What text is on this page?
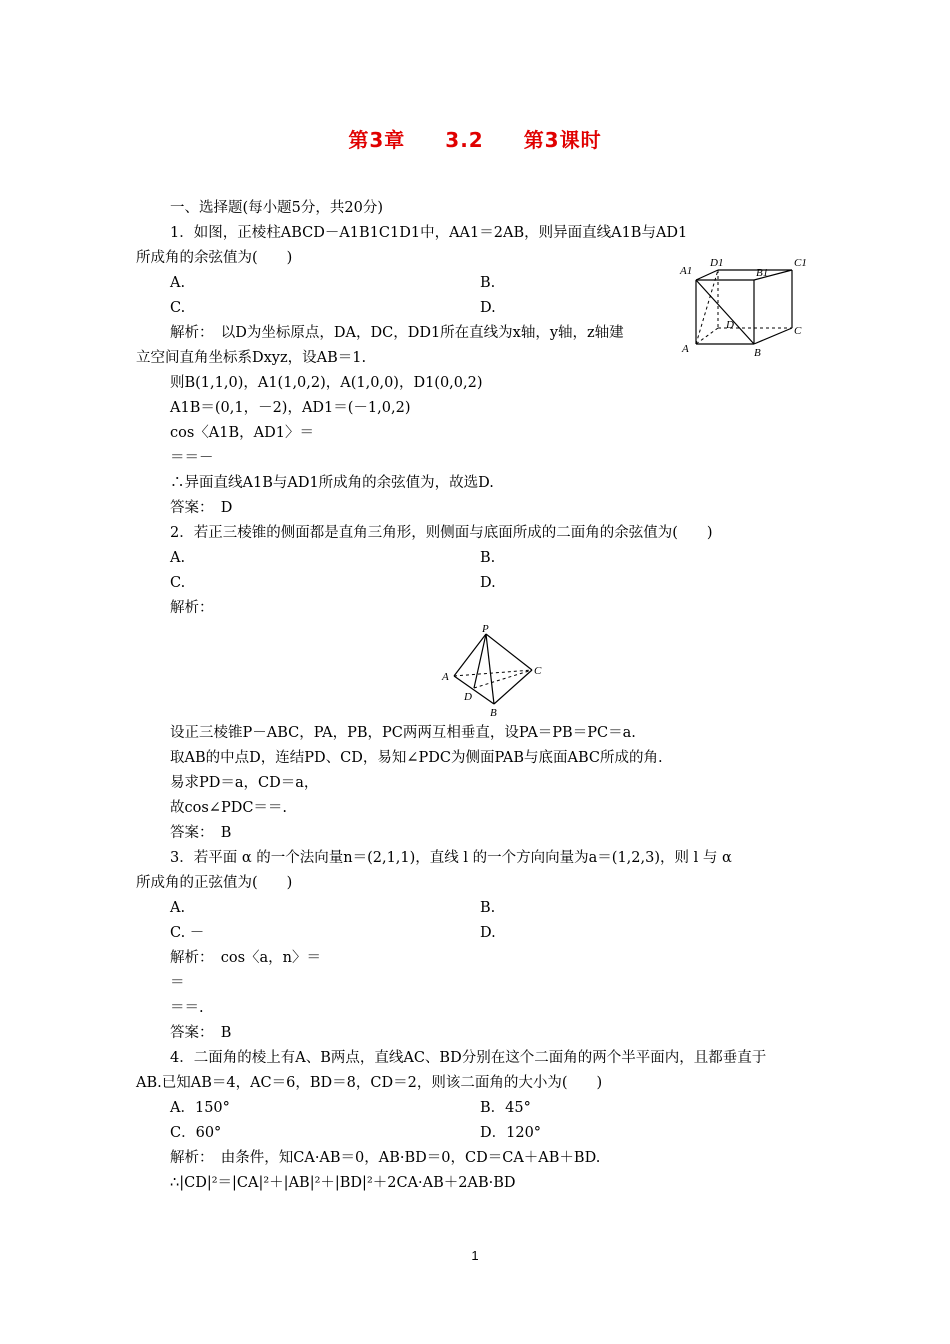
第3章 3.2 第3课时
一、选择题(每小题5分，共20分)
1．如图，正棱柱ABCD－A1B1C1D1中，AA1＝2AB，则异面直线A1B与AD1
所成角的余弦值为(　　)
A.	B.
C.	D.
解析：　以D为坐标原点，DA，DC，DD1所在直线为x轴，y轴，z轴建
立空间直角坐标系Dxyz，设AB＝1.
则B(1,1,0)，A1(1,0,2)，A(1,0,0)，D1(0,0,2)
A1B＝(0,1，－2)，AD1＝(－1,0,2)
cos〈A1B，AD1〉＝
＝＝－
∴异面直线A1B与AD1所成角的余弦值为，故选D.
答案：　D
2．若正三棱锥的侧面都是直角三角形，则侧面与底面所成的二面角的余弦值为(　　)
A.	B.
C.	D.
解析：
设正三棱锥P－ABC，PA，PB，PC两两互相垂直，设PA＝PB＝PC＝a.
取AB的中点D，连结PD、CD，易知∠PDC为侧面PAB与底面ABC所成的角.
易求PD＝a，CD＝a，
故cos∠PDC＝＝.
答案：　B
3．若平面 α 的一个法向量n＝(2,1,1)，直线 l 的一个方向向量为a＝(1,2,3)，则 l 与 α
所成角的正弦值为(　　)
A.	B.
C. －	D.
解析：　cos〈a，n〉＝
＝
＝＝.
答案：　B
4．二面角的棱上有A、B两点，直线AC、BD分别在这个二面角的两个半平面内，且都垂直于
AB.已知AB＝4，AC＝6，BD＝8，CD＝2，则该二面角的大小为(　　)
A．150°	B．45°
C．60°	D．120°
解析：　由条件，知CA·AB＝0，AB·BD＝0，CD＝CA＋AB＋BD.
∴|CD|²＝|CA|²＋|AB|²＋|BD|²＋2CA·AB＋2AB·BD
D1	C1
A1	B1
D	C
A	B
P
A	C
D
B
1
